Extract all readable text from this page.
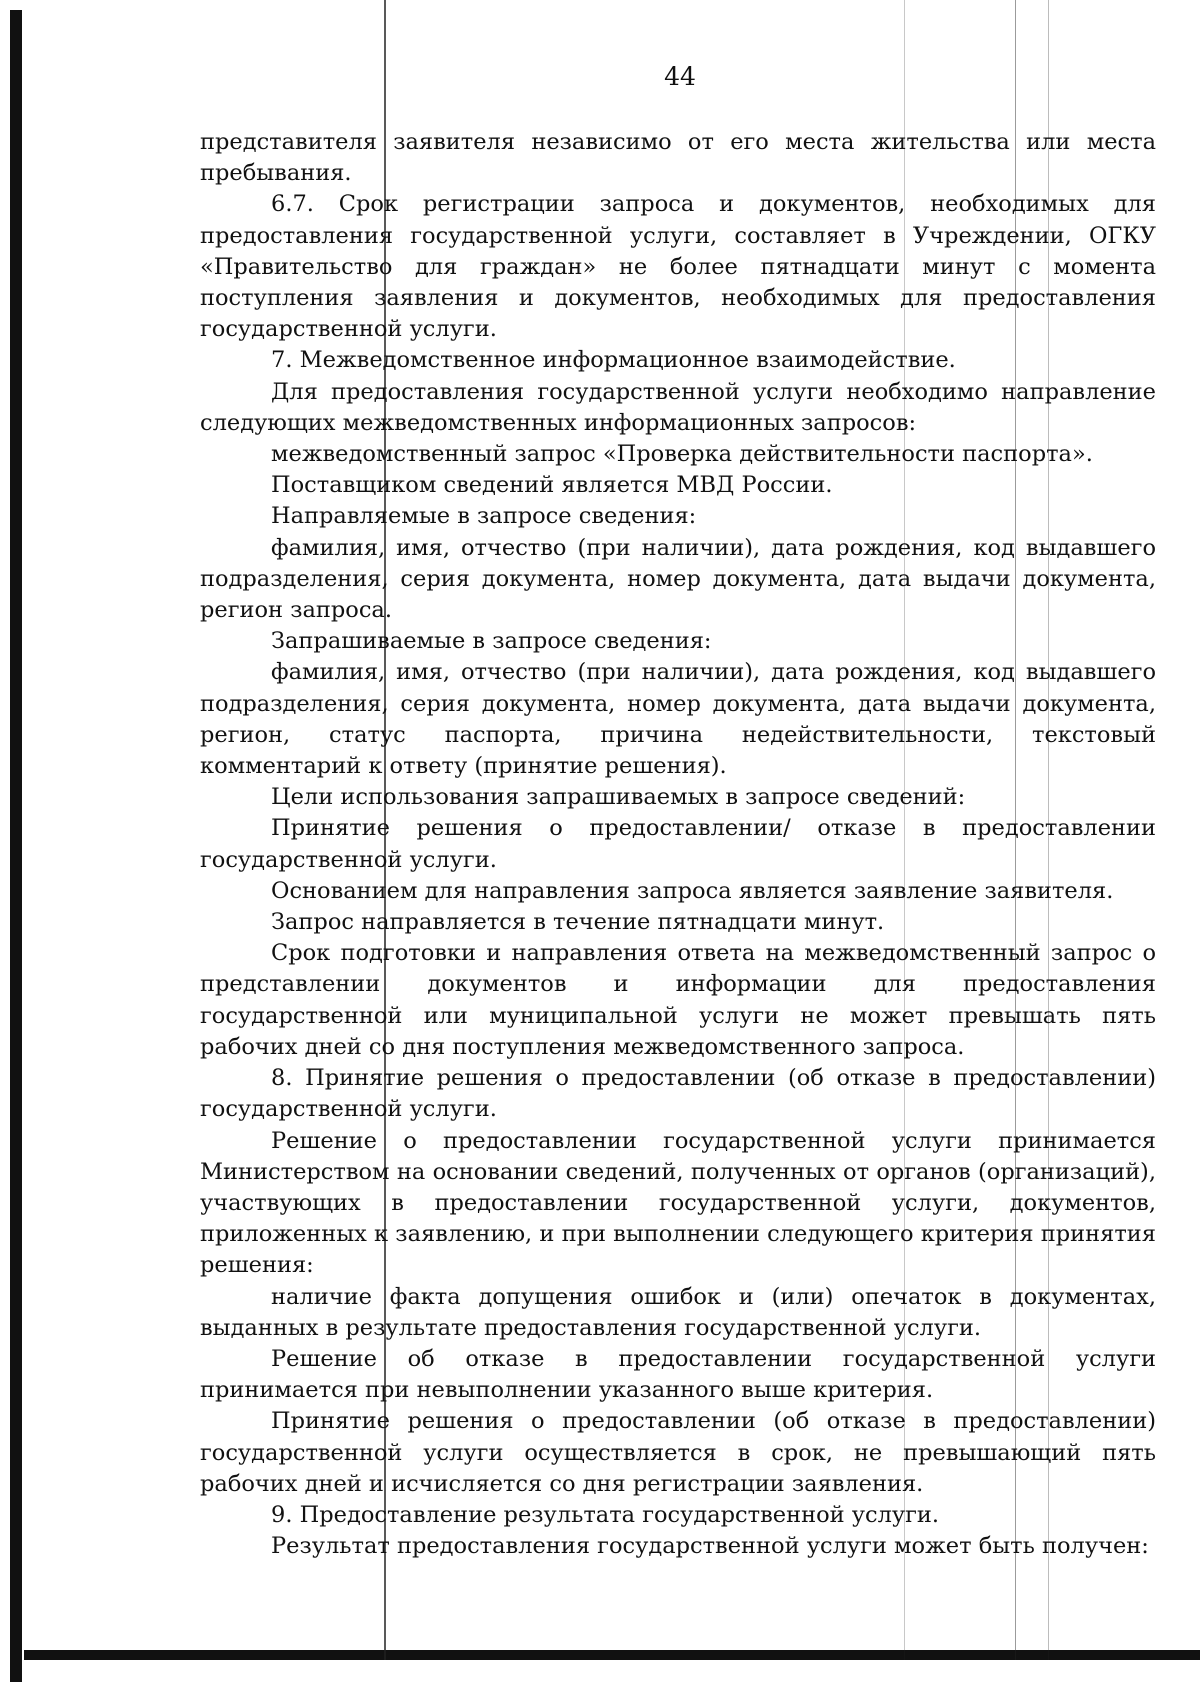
44

представителя заявителя независимо от его места жительства или места пребывания.

6.7. Срок регистрации запроса и документов, необходимых для предоставления государственной услуги, составляет в Учреждении, ОГКУ «Правительство для граждан» не более пятнадцати минут с момента поступления заявления и документов, необходимых для предоставления государственной услуги.

7. Межведомственное информационное взаимодействие.

Для предоставления государственной услуги необходимо направление следующих межведомственных информационных запросов:

межведомственный запрос «Проверка действительности паспорта».

Поставщиком сведений является МВД России.

Направляемые в запросе сведения:

фамилия, имя, отчество (при наличии), дата рождения, код выдавшего подразделения, серия документа, номер документа, дата выдачи документа, регион запроса.

Запрашиваемые в запросе сведения:

фамилия, имя, отчество (при наличии), дата рождения, код выдавшего подразделения, серия документа, номер документа, дата выдачи документа, регион, статус паспорта, причина недействительности, текстовый комментарий к ответу (принятие решения).

Цели использования запрашиваемых в запросе сведений:

Принятие решения о предоставлении/ отказе в предоставлении государственной услуги.

Основанием для направления запроса является заявление заявителя.

Запрос направляется в течение пятнадцати минут.

Срок подготовки и направления ответа на межведомственный запрос о представлении документов и информации для предоставления государственной или муниципальной услуги не может превышать пять рабочих дней со дня поступления межведомственного запроса.

8. Принятие решения о предоставлении (об отказе в предоставлении) государственной услуги.

Решение о предоставлении государственной услуги принимается Министерством на основании сведений, полученных от органов (организаций), участвующих в предоставлении государственной услуги, документов, приложенных к заявлению, и при выполнении следующего критерия принятия решения:

наличие факта допущения ошибок и (или) опечаток в документах, выданных в результате предоставления государственной услуги.

Решение об отказе в предоставлении государственной услуги принимается при невыполнении указанного выше критерия.

Принятие решения о предоставлении (об отказе в предоставлении) государственной услуги осуществляется в срок, не превышающий пять рабочих дней и исчисляется со дня регистрации заявления.

9. Предоставление результата государственной услуги.

Результат предоставления государственной услуги может быть получен:
